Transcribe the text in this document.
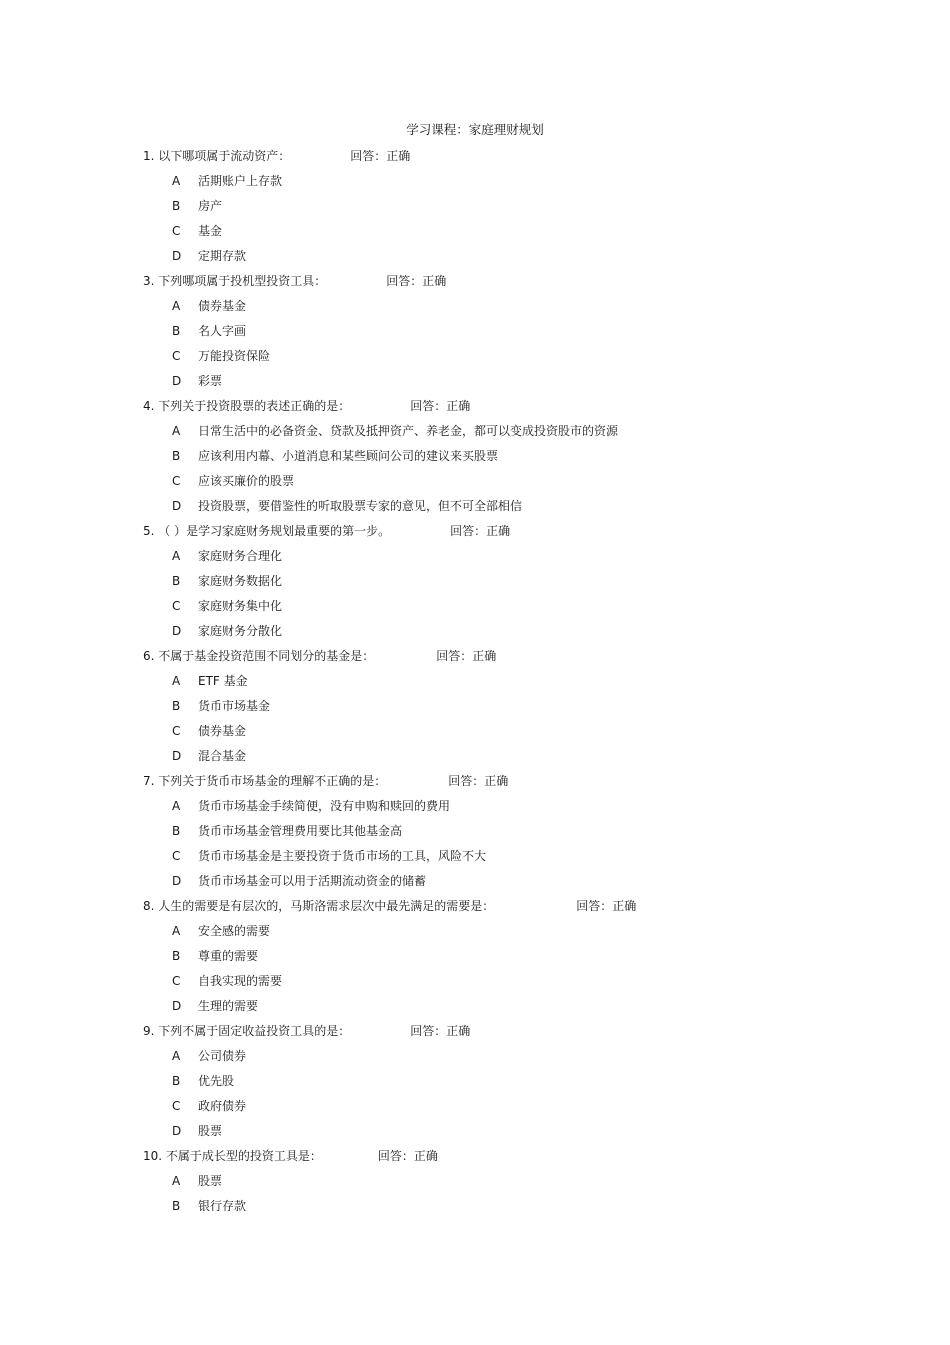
学习课程：家庭理财规划
1. 以下哪项属于流动资产：	回答：正确
A	活期账户上存款
B	房产
C	基金
D	定期存款
3. 下列哪项属于投机型投资工具：	回答：正确
A	债券基金
B	名人字画
C	万能投资保险
D	彩票
4. 下列关于投资股票的表述正确的是：	回答：正确
A	日常生活中的必备资金、贷款及抵押资产、养老金，都可以变成投资股市的资源
B	应该利用内幕、小道消息和某些顾问公司的建议来买股票
C	应该买廉价的股票
D	投资股票，要借鉴性的听取股票专家的意见，但不可全部相信
5. （ ）是学习家庭财务规划最重要的第一步。	回答：正确
A	家庭财务合理化
B	家庭财务数据化
C	家庭财务集中化
D	家庭财务分散化
6. 不属于基金投资范围不同划分的基金是：	回答：正确
A	ETF 基金
B	货币市场基金
C	债券基金
D	混合基金
7. 下列关于货币市场基金的理解不正确的是：	回答：正确
A	货币市场基金手续简便，没有申购和赎回的费用
B	货币市场基金管理费用要比其他基金高
C	货币市场基金是主要投资于货币市场的工具，风险不大
D	货币市场基金可以用于活期流动资金的储蓄
8. 人生的需要是有层次的，马斯洛需求层次中最先满足的需要是：	回答：正确
A	安全感的需要
B	尊重的需要
C	自我实现的需要
D	生理的需要
9. 下列不属于固定收益投资工具的是：	回答：正确
A	公司债券
B	优先股
C	政府债券
D	股票
10. 不属于成长型的投资工具是：	回答：正确
A	股票
B	银行存款
